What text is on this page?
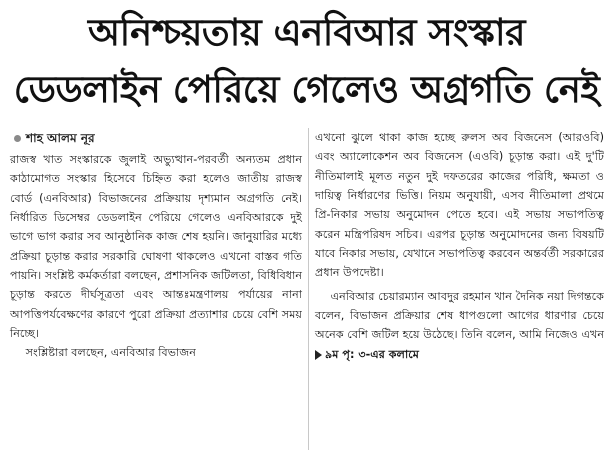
অনিশ্চয়তায় এনবিআর সংস্কার
ডেডলাইন পেরিয়ে গেলেও অগ্রগতি নেই
শাহ আলম নূর

রাজস্ব খাত সংস্কারকে জুলাই অভ্যুত্থান-পরবর্তী অন্যতম প্রধান কাঠামোগত সংস্কার হিসেবে চিহ্নিত করা হলেও জাতীয় রাজস্ব বোর্ড (এনবিআর) বিভাজনের প্রক্রিয়ায় দৃশ্যমান অগ্রগতি নেই। নির্ধারিত ডিসেম্বর ডেডলাইন পেরিয়ে গেলেও এনবিআরকে দুই ভাগে ভাগ করার সব আনুষ্ঠানিক কাজ শেষ হয়নি। জানুয়ারির মধ্যে প্রক্রিয়া চূড়ান্ত করার সরকারি ঘোষণা থাকলেও এখনো বাস্তব গতি পায়নি। সংশ্লিষ্ট কর্মকর্তারা বলছেন, প্রশাসনিক জটিলতা, বিধিবিধান চূড়ান্ত করতে দীর্ঘসূত্রতা এবং আন্তঃমন্ত্রণালয় পর্যায়ের নানা আপত্তিপর্যবেক্ষণের কারণে পুরো প্রক্রিয়া প্রত্যাশার চেয়ে বেশি সময় নিচ্ছে।

সংশ্লিষ্টারা বলছেন, এনবিআর বিভাজন

এখনো ঝুলে থাকা কাজ হচ্ছে রুলস অব বিজনেস (আরওবি) এবং অ্যালোকেশন অব বিজনেস (এওবি) চূড়ান্ত করা। এই দু'টি নীতিমালাই মূলত নতুন দুই দফতরের কাজের পরিধি, ক্ষমতা ও দায়িত্ব নির্ধারণের ভিত্তি। নিয়ম অনুযায়ী, এসব নীতিমালা প্রথমে প্রি-নিকার সভায় অনুমোদন পেতে হবে। এই সভায় সভাপতিত্ব করেন মন্ত্রিপরিষদ সচিব। এরপর চূড়ান্ত অনুমোদনের জন্য বিষয়টি যাবে নিকার সভায়, যেখানে সভাপতিত্ব করবেন অন্তর্বর্তী সরকারের প্রধান উপদেষ্টা।

এনবিআর চেয়ারম্যান আবদুর রহমান খান দৈনিক নয়া দিগন্তকে বলেন, বিভাজন প্রক্রিয়ার শেষ ধাপগুলো আগের ধারণার চেয়ে অনেক বেশি জটিল হয়ে উঠেছে। তিনি বলেন, আমি নিজেও এখন ৯ম পৃ: ৩-এর কলামে
